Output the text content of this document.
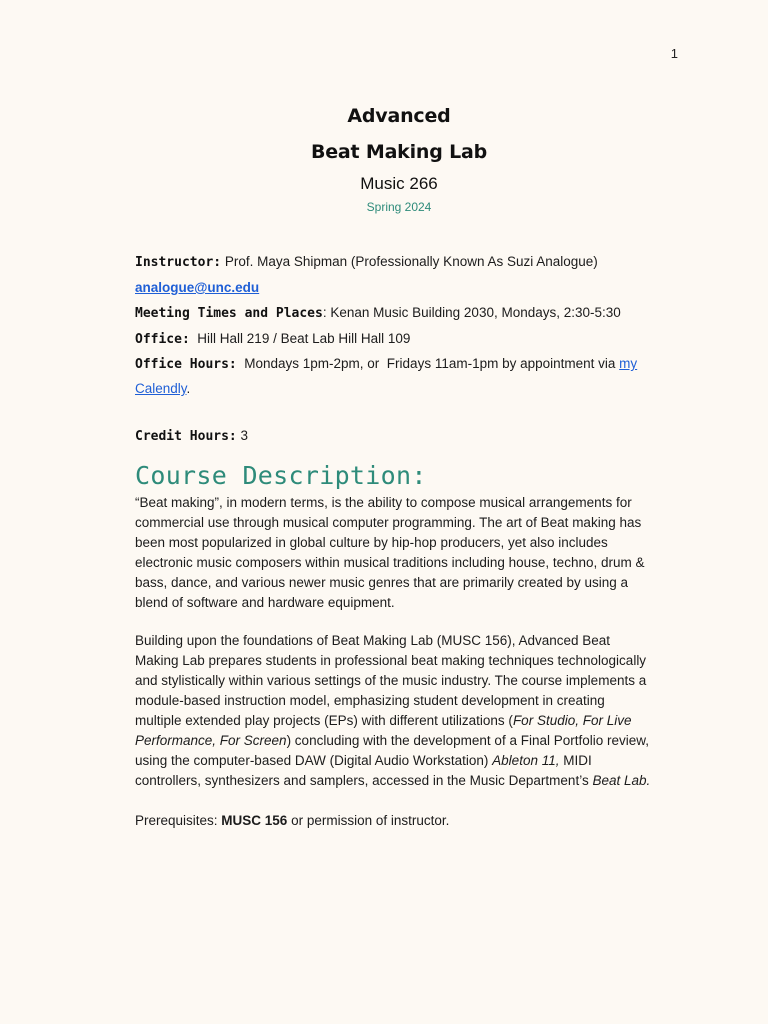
1
Advanced
Beat Making Lab
Music 266
Spring 2024
Instructor: Prof. Maya Shipman (Professionally Known As Suzi Analogue)
analogue@unc.edu
Meeting Times and Places: Kenan Music Building 2030, Mondays, 2:30-5:30
Office:  Hill Hall 219 / Beat Lab Hill Hall 109
Office Hours:  Mondays 1pm-2pm, or  Fridays 11am-1pm by appointment via my Calendly.
Credit Hours: 3
Course Description:

“Beat making”, in modern terms, is the ability to compose musical arrangements for commercial use through musical computer programming. The art of Beat making has been most popularized in global culture by hip-hop producers, yet also includes electronic music composers within musical traditions including house, techno, drum & bass, dance, and various newer music genres that are primarily created by using a blend of software and hardware equipment.

Building upon the foundations of Beat Making Lab (MUSC 156), Advanced Beat Making Lab prepares students in professional beat making techniques technologically and stylistically within various settings of the music industry. The course implements a module-based instruction model, emphasizing student development in creating multiple extended play projects (EPs) with different utilizations (For Studio, For Live Performance, For Screen) concluding with the development of a Final Portfolio review, using the computer-based DAW (Digital Audio Workstation) Ableton 11, MIDI controllers, synthesizers and samplers, accessed in the Music Department’s Beat Lab.

Prerequisites: MUSC 156 or permission of instructor.
